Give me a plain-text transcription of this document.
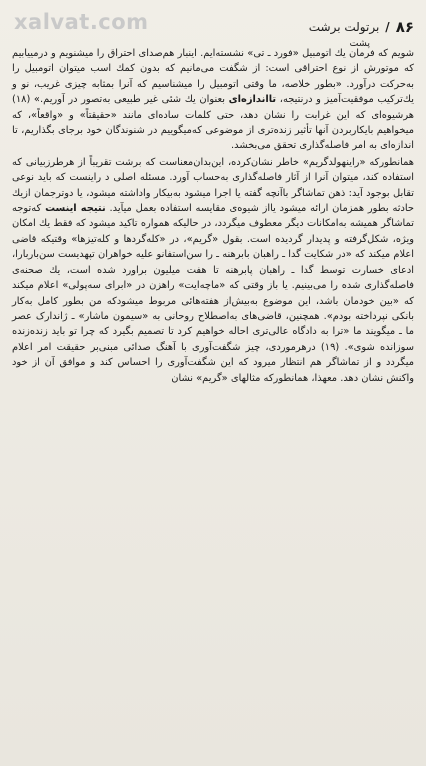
xalvat.com	۸۶
/
برتولت برشت
پشت

شویم که فرمان یك اتومبیل «فورد ـ تی» نشسته‌ایم. اینبار هم‌صدای احتراق را میشنویم و درمییابیم که موتورش از نوع احتراقی است: از شگفت می‌مانیم که بدون کمك اسب میتوان اتومبیل را به‌حرکت درآورد. «بطور خلاصه، ما وقتی اتومبیل را میشناسیم که آنرا بمثابه چیزی غریب، نو و یك‌ترکیب موفقیت‌آمیز و درنتیجه، تااندازه‌ای بعنوان یك شئی غیر طبیعی به‌تصور در آوریم.» (۱۸) هرشیوه‌ای که این غرابت را نشان دهد، حتی کلمات ساده‌ای مانند «حقیقتاً» و «واقعاً»، که میخواهیم بایکاربردن آنها تأثیر زنده‌تری از موضوعی که‌میگوییم در شنوندگان خود برجای بگذاریم، تا اندازه‌ای به امر فاصله‌گذاری تحقق می‌بخشد.

همانطورکه «راینهولدگریم» خاطر نشان‌کرده، این‌بدان‌معناست که برشت تقریباً از هرطرزبیانی که استفاده کند، میتوان آنرا از آثار فاصله‌گذاری به‌حساب آورد. مسئله اصلی د راینست که باید نوعی تقابل بوجود آید: ذهن تماشاگر باآنچه گفته یا اجرا میشود به‌بیکار واداشته میشود، یا دوترجمان ازیك حادثه بطور همزمان ارائه میشود یااز شیوه‌ی مقایسه استفاده بعمل میآید. نتیجه اینست که‌توجه تماشاگر همیشه به‌امکانات دیگر معطوف میگردد، در حالیکه همواره تاکید میشود که فقط یك امکان ویژه، شکل‌گرفته و پدیدار گردیده است. بقول «گریم»، در «کله‌گردها و کله‌تیزها» وقتیکه قاضی اعلام میکند که «در شکایت گدا ـ راهبان بابرهنه ـ را سن‌استفانو علیه خواهران تپهدیست سن‌باربارا، ادعای خسارت توسط گدا ـ راهبان پابرهنه تا هفت میلیون براورد شده است، یك صحنه‌ی فاصله‌گذاری شده را می‌بینیم. یا باز وقتی که «ماچه‌ایت» راهزن در «ابرای سه‌پولی» اعلام میکند که «بین خودمان باشد، این موضوع به‌بیش‌از هفته‌هائی مربوط میشودکه من بطور کامل به‌کار بانکی نپرداخته بودم». همچنین، قاضی‌های به‌اصطلاح روحانی به «سیمون ماشار» ـ ژاندارک عصر ما ـ میگویند ما «ترا به دادگاه عالی‌تری احاله خواهیم کرد تا تصمیم بگیرد که چرا تو باید زنده‌زنده سوزانده شوی». (۱۹) درهرموردی، چیز شگفت‌آوری با آهنگ صدائی مبنی‌بر حقیقت امر اعلام میگردد و از تماشاگر هم انتظار میرود که این شگفت‌آوری را احساس کند و موافق آن از خود واکنش نشان دهد. معهذا، همانطورکه مثالهای «گریم» نشان
